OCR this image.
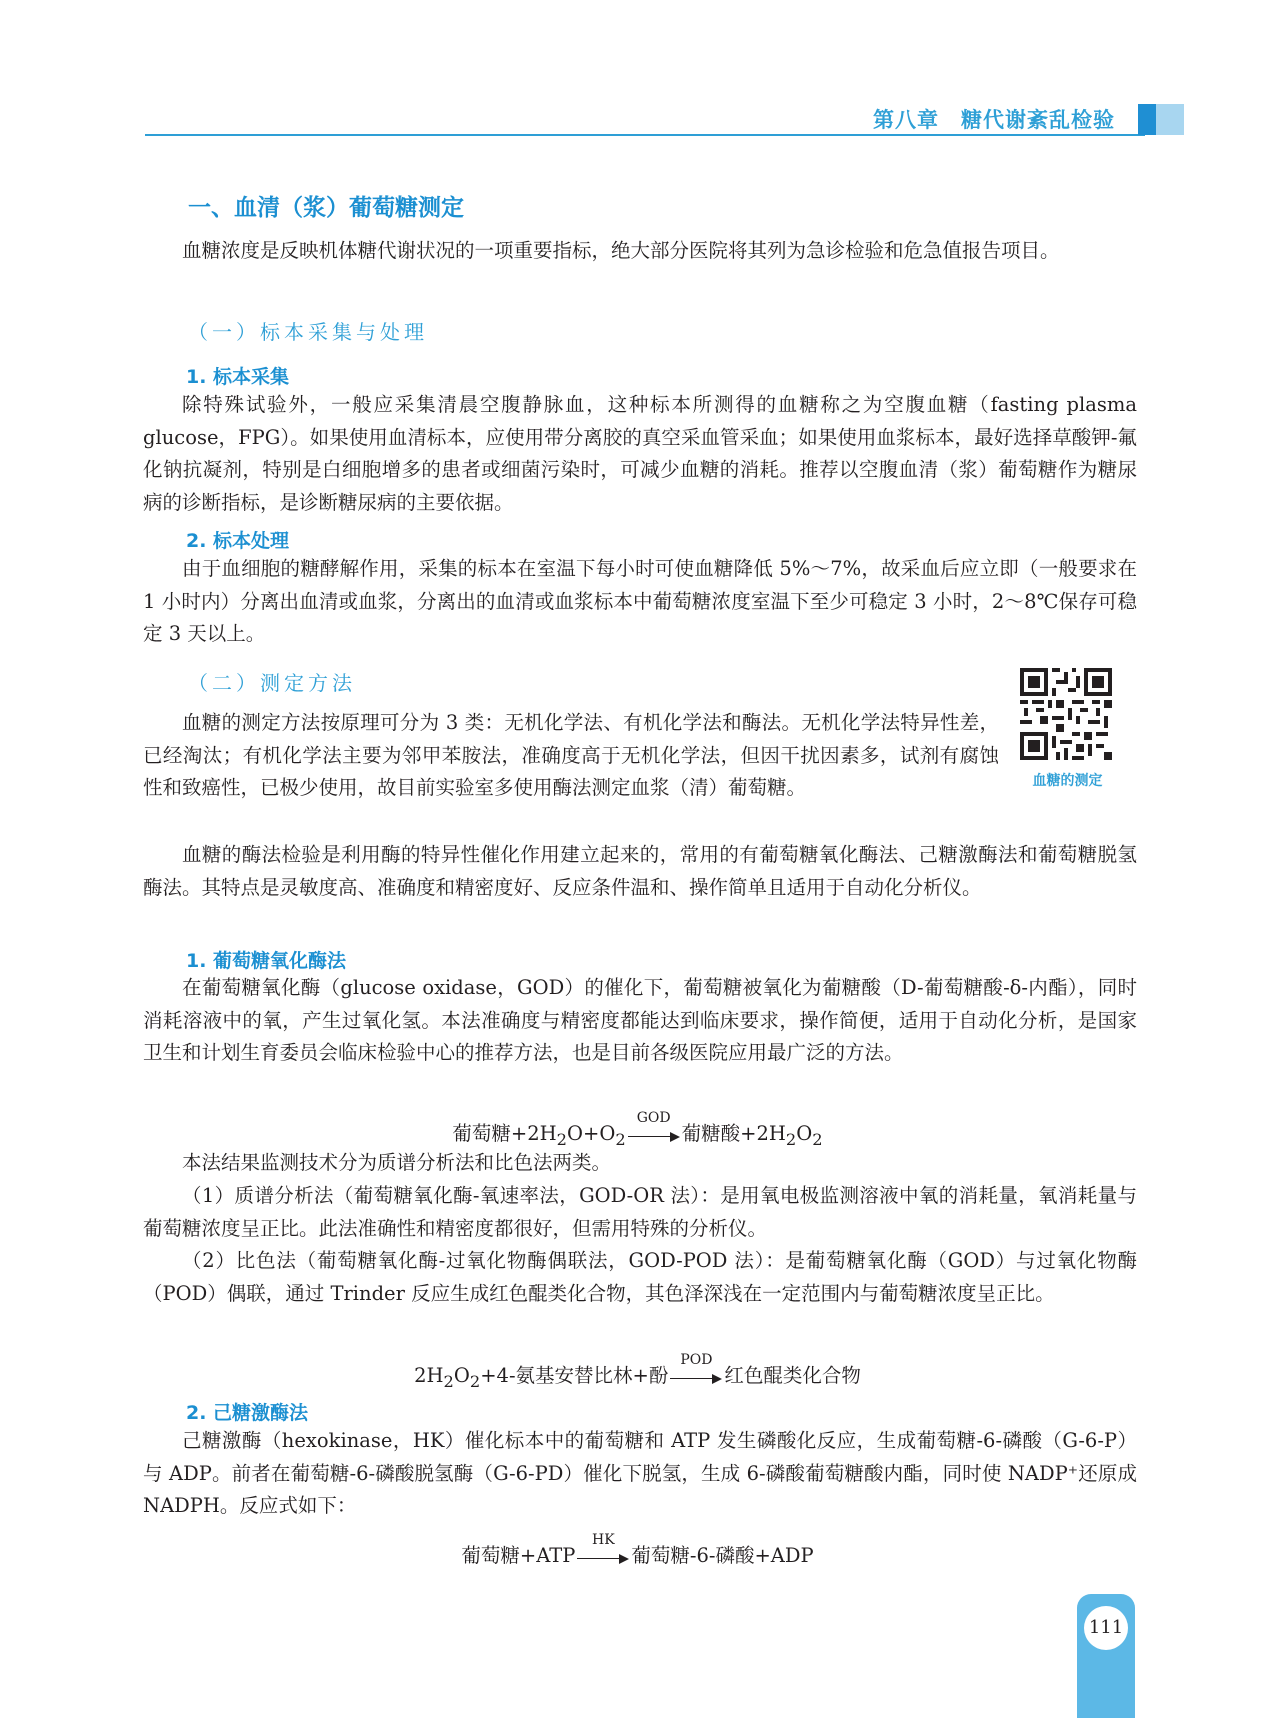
第八章　糖代谢紊乱检验
一、血清（浆）葡萄糖测定

血糖浓度是反映机体糖代谢状况的一项重要指标，绝大部分医院将其列为急诊检验和危急值报告项目。

（一）标本采集与处理
1. 标本采集

除特殊试验外，一般应采集清晨空腹静脉血，这种标本所测得的血糖称之为空腹血糖（fasting plasma glucose，FPG）。如果使用血清标本，应使用带分离胶的真空采血管采血；如果使用血浆标本，最好选择草酸钾-氟化钠抗凝剂，特别是白细胞增多的患者或细菌污染时，可减少血糖的消耗。推荐以空腹血清（浆）葡萄糖作为糖尿病的诊断指标，是诊断糖尿病的主要依据。

2. 标本处理

由于血细胞的糖酵解作用，采集的标本在室温下每小时可使血糖降低 5%～7%，故采血后应立即（一般要求在 1 小时内）分离出血清或血浆，分离出的血清或血浆标本中葡萄糖浓度室温下至少可稳定 3 小时，2～8℃保存可稳定 3 天以上。

（二）测定方法
血糖的测定

血糖的测定方法按原理可分为 3 类：无机化学法、有机化学法和酶法。无机化学法特异性差，已经淘汰；有机化学法主要为邻甲苯胺法，准确度高于无机化学法，但因干扰因素多，试剂有腐蚀性和致癌性，已极少使用，故目前实验室多使用酶法测定血浆（清）葡萄糖。

血糖的酶法检验是利用酶的特异性催化作用建立起来的，常用的有葡萄糖氧化酶法、己糖激酶法和葡萄糖脱氢酶法。其特点是灵敏度高、准确度和精密度好、反应条件温和、操作简单且适用于自动化分析仪。

1. 葡萄糖氧化酶法

在葡萄糖氧化酶（glucose oxidase，GOD）的催化下，葡萄糖被氧化为葡糖酸（D-葡萄糖酸-δ-内酯），同时消耗溶液中的氧，产生过氧化氢。本法准确度与精密度都能达到临床要求，操作简便，适用于自动化分析，是国家卫生和计划生育委员会临床检验中心的推荐方法，也是目前各级医院应用最广泛的方法。

葡萄糖$+2H_2O+O_2$
GOD
葡糖酸$+2H_2O_2$

本法结果监测技术分为质谱分析法和比色法两类。

（1）质谱分析法（葡萄糖氧化酶-氧速率法，GOD-OR 法）：是用氧电极监测溶液中氧的消耗量，氧消耗量与葡萄糖浓度呈正比。此法准确性和精密度都很好，但需用特殊的分析仪。

（2）比色法（葡萄糖氧化酶-过氧化物酶偶联法，GOD-POD 法）：是葡萄糖氧化酶（GOD）与过氧化物酶（POD）偶联，通过 Trinder 反应生成红色醌类化合物，其色泽深浅在一定范围内与葡萄糖浓度呈正比。

$2H_2O_2+4-$氨基安替比林+酚
POD
红色醌类化合物
2. 己糖激酶法

己糖激酶（hexokinase，HK）催化标本中的葡萄糖和 ATP 发生磷酸化反应，生成葡萄糖-6-磷酸（G-6-P）与 ADP。前者在葡萄糖-6-磷酸脱氢酶（G-6-PD）催化下脱氢，生成 6-磷酸葡萄糖酸内酯，同时使 NADP⁺还原成 NADPH。反应式如下：

葡萄糖+ATP
HK
葡萄糖-6-磷酸+ADP
111
